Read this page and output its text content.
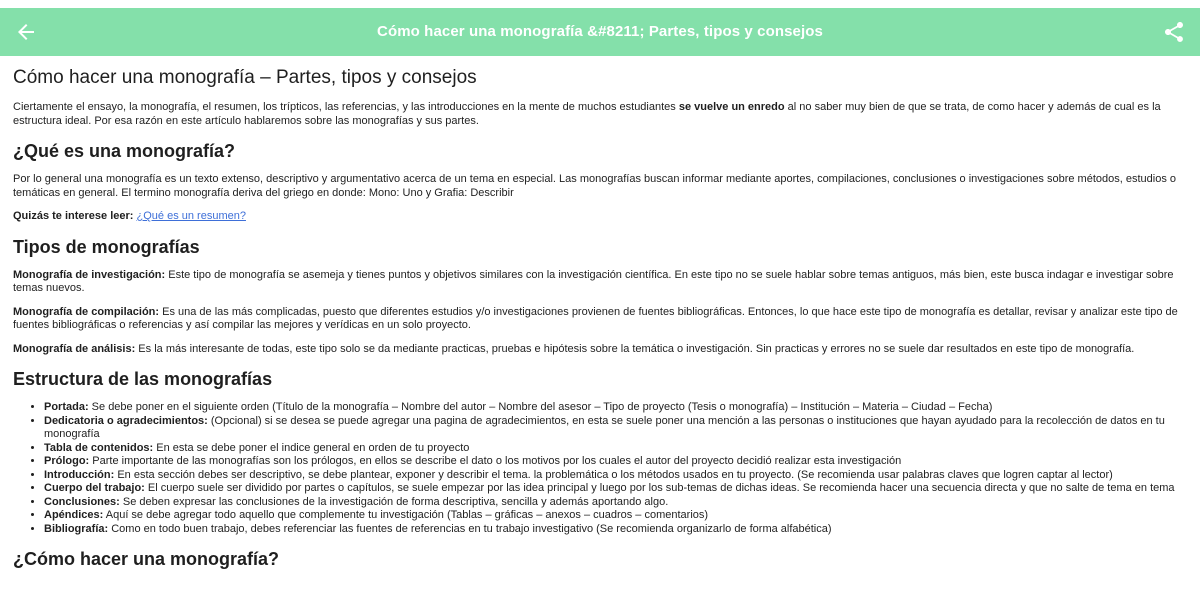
Cómo hacer una monografía &#8211; Partes, tipos y consejos
Cómo hacer una monografía – Partes, tipos y consejos

Ciertamente el ensayo, la monografía, el resumen, los trípticos, las referencias, y las introducciones en la mente de muchos estudiantes se vuelve un enredo al no saber muy bien de que se trata, de como hacer y además de cual es la estructura ideal. Por esa razón en este artículo hablaremos sobre las monografías y sus partes.

¿Qué es una monografía?

Por lo general una monografía es un texto extenso, descriptivo y argumentativo acerca de un tema en especial. Las monografías buscan informar mediante aportes, compilaciones, conclusiones o investigaciones sobre métodos, estudios o temáticas en general. El termino monografía deriva del griego en donde: Mono: Uno y Grafia: Describir

Quizás te interese leer: ¿Qué es un resumen?

Tipos de monografías

Monografía de investigación: Este tipo de monografía se asemeja y tienes puntos y objetivos similares con la investigación científica. En este tipo no se suele hablar sobre temas antiguos, más bien, este busca indagar e investigar sobre temas nuevos.

Monografía de compilación: Es una de las más complicadas, puesto que diferentes estudios y/o investigaciones provienen de fuentes bibliográficas. Entonces, lo que hace este tipo de monografía es detallar, revisar y analizar este tipo de fuentes bibliográficas o referencias y así compilar las mejores y verídicas en un solo proyecto.

Monografía de análisis: Es la más interesante de todas, este tipo solo se da mediante practicas, pruebas e hipótesis sobre la temática o investigación. Sin practicas y errores no se suele dar resultados en este tipo de monografía.

Estructura de las monografías
• Portada: Se debe poner en el siguiente orden (Título de la monografía – Nombre del autor – Nombre del asesor – Tipo de proyecto (Tesis o monografía) – Institución – Materia – Ciudad – Fecha)
• Dedicatoria o agradecimientos: (Opcional) si se desea se puede agregar una pagina de agradecimientos, en esta se suele poner una mención a las personas o instituciones que hayan ayudado para la recolección de datos en tu monografía
• Tabla de contenidos: En esta se debe poner el indice general en orden de tu proyecto
• Prólogo: Parte importante de las monografías son los prólogos, en ellos se describe el dato o los motivos por los cuales el autor del proyecto decidió realizar esta investigación
• Introducción: En esta sección debes ser descriptivo, se debe plantear, exponer y describir el tema. la problemática o los métodos usados en tu proyecto. (Se recomienda usar palabras claves que logren captar al lector)
• Cuerpo del trabajo: El cuerpo suele ser dividido por partes o capítulos, se suele empezar por las idea principal y luego por los sub-temas de dichas ideas. Se recomienda hacer una secuencia directa y que no salte de tema en tema
• Conclusiones: Se deben expresar las conclusiones de la investigación de forma descriptiva, sencilla y además aportando algo.
• Apéndices: Aquí se debe agregar todo aquello que complemente tu investigación (Tablas – gráficas – anexos – cuadros – comentarios)
• Bibliografía: Como en todo buen trabajo, debes referenciar las fuentes de referencias en tu trabajo investigativo (Se recomienda organizarlo de forma alfabética)
¿Cómo hacer una monografía?
